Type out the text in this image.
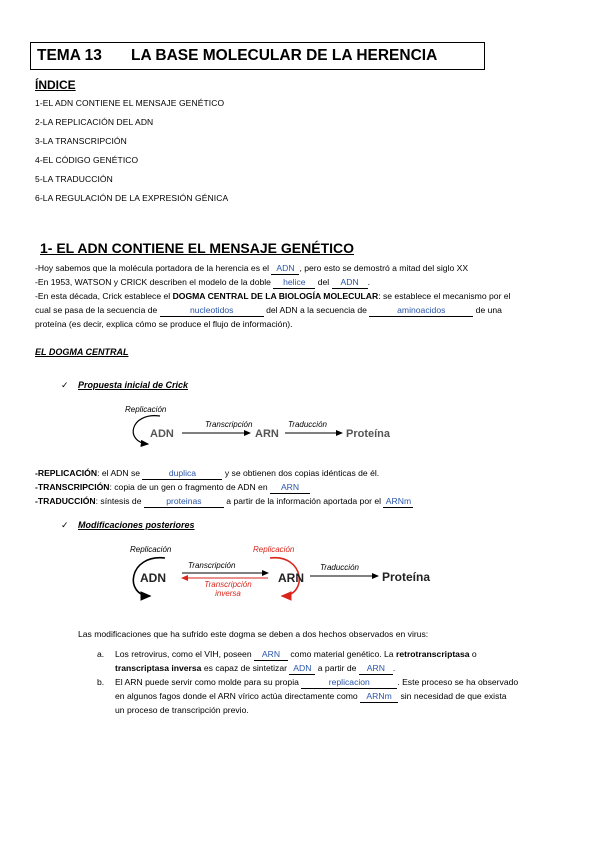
TEMA 13 LA BASE MOLECULAR DE LA HERENCIA
ÍNDICE
1-EL ADN CONTIENE EL MENSAJE GENÉTICO
2-LA REPLICACIÓN DEL ADN
3-LA TRANSCRIPCIÓN
4-EL CÓDIGO GENÉTICO
5-LA TRADUCCIÓN
6-LA REGULACIÓN DE LA EXPRESIÓN GÉNICA
1- EL ADN CONTIENE EL MENSAJE GENÉTICO
-Hoy sabemos que la molécula portadora de la herencia es el ADN , pero esto se demostró a mitad del siglo XX
-En 1953, WATSON y CRICK describen el modelo de la doble helice del ADN .
-En esta década, Crick establece el DOGMA CENTRAL DE LA BIOLOGÍA MOLECULAR: se establece el mecanismo por el
cual se pasa de la secuencia de	nucleotidos	del ADN a la secuencia de	aminoacidos	de una
proteína (es decir, explica cómo se produce el flujo de información).
EL DOGMA CENTRAL
✓ Propuesta inicial de Crick
Replicación
ADN
Transcripción
ARN
Traducción
Proteína
-REPLICACIÓN: el ADN se	duplica	y se obtienen dos copias idénticas de él.
-TRANSCRIPCIÓN: copia de un gen o fragmento de ADN en ARN
-TRADUCCIÓN: síntesis de	proteinas	a partir de la información aportada por el ARNm
✓ Modificaciones posteriores
Replicación
ADN
Replicación
Transcripción
Transcripción inversa
ARN
Traducción
Proteína
Las modificaciones que ha sufrido este dogma se deben a dos hechos observados en virus:
a. Los retrovirus, como el VIH, poseen ARN como material genético. La retrotranscriptasa o
transcriptasa inversa es capaz de sintetizar ADN a partir de ARN .
b. El ARN puede servir como molde para su propia	replicacion	. Este proceso se ha observado
en algunos fagos donde el ARN vírico actúa directamente como ARNm sin necesidad de que exista
un proceso de transcripción previo.
